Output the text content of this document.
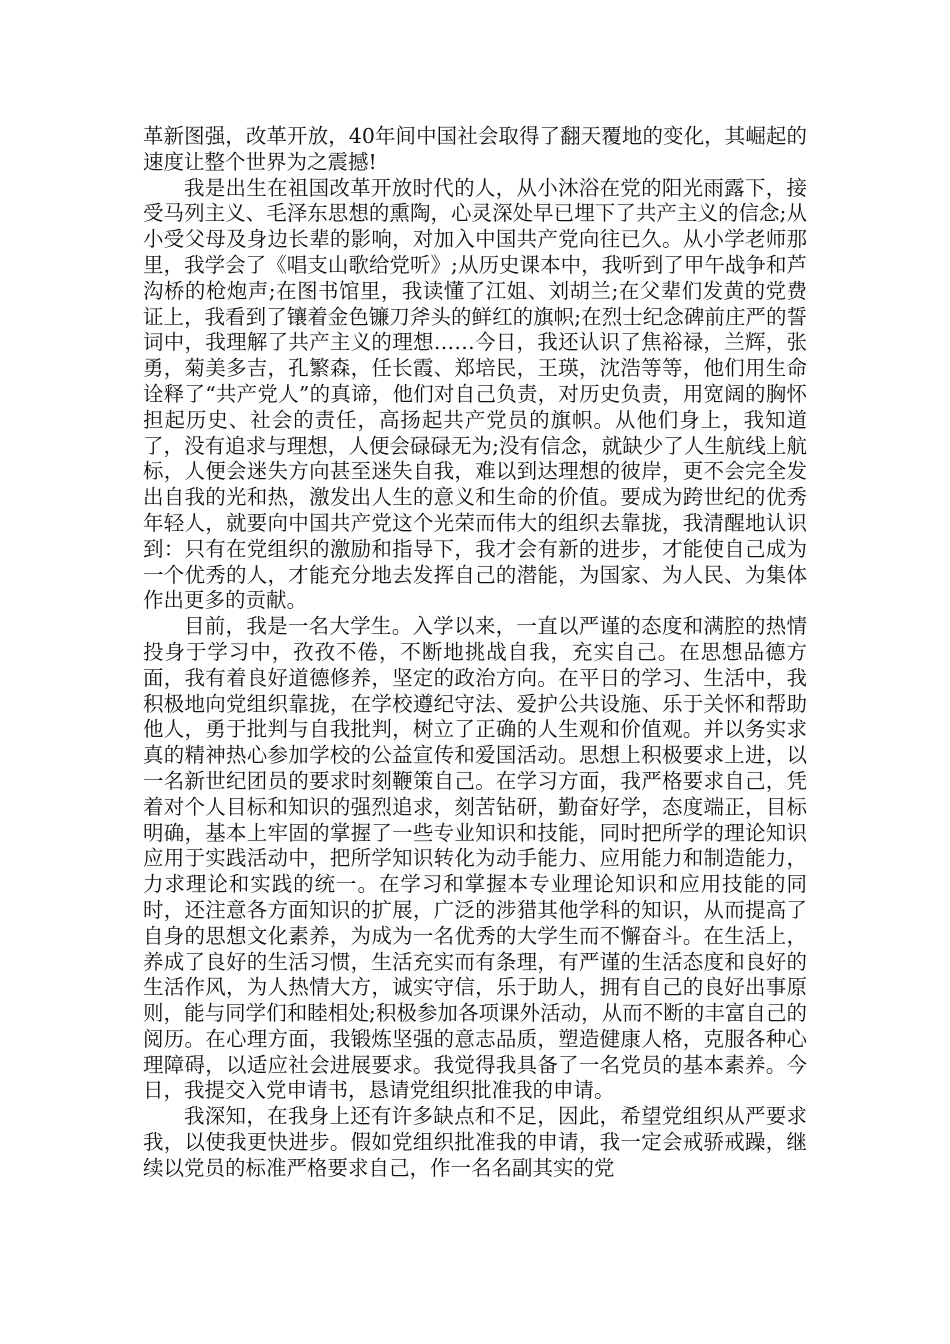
革新图强，改革开放，40年间中国社会取得了翻天覆地的变化，其崛起的速度让整个世界为之震撼!

我是出生在祖国改革开放时代的人，从小沐浴在党的阳光雨露下，接受马列主义、毛泽东思想的熏陶，心灵深处早已埋下了共产主义的信念;从小受父母及身边长辈的影响，对加入中国共产党向往已久。从小学老师那里，我学会了《唱支山歌给党听》;从历史课本中，我听到了甲午战争和芦沟桥的枪炮声;在图书馆里，我读懂了江姐、刘胡兰;在父辈们发黄的党费证上，我看到了镶着金色镰刀斧头的鲜红的旗帜;在烈士纪念碑前庄严的誓词中，我理解了共产主义的理想……今日，我还认识了焦裕禄，兰辉，张勇，菊美多吉，孔繁森，任长霞、郑培民，王瑛，沈浩等等，他们用生命诠释了“共产党人”的真谛，他们对自己负责，对历史负责，用宽阔的胸怀担起历史、社会的责任，高扬起共产党员的旗帜。从他们身上，我知道了，没有追求与理想，人便会碌碌无为;没有信念，就缺少了人生航线上航标，人便会迷失方向甚至迷失自我，难以到达理想的彼岸，更不会完全发出自我的光和热，激发出人生的意义和生命的价值。要成为跨世纪的优秀年轻人，就要向中国共产党这个光荣而伟大的组织去靠拢，我清醒地认识到：只有在党组织的激励和指导下，我才会有新的进步，才能使自己成为一个优秀的人，才能充分地去发挥自己的潜能，为国家、为人民、为集体作出更多的贡献。

目前，我是一名大学生。入学以来，一直以严谨的态度和满腔的热情投身于学习中，孜孜不倦，不断地挑战自我，充实自己。在思想品德方面，我有着良好道德修养，坚定的政治方向。在平日的学习、生活中，我积极地向党组织靠拢，在学校遵纪守法、爱护公共设施、乐于关怀和帮助他人，勇于批判与自我批判，树立了正确的人生观和价值观。并以务实求真的精神热心参加学校的公益宣传和爱国活动。思想上积极要求上进，以一名新世纪团员的要求时刻鞭策自己。在学习方面，我严格要求自己，凭着对个人目标和知识的强烈追求，刻苦钻研，勤奋好学，态度端正，目标明确，基本上牢固的掌握了一些专业知识和技能，同时把所学的理论知识应用于实践活动中，把所学知识转化为动手能力、应用能力和制造能力，力求理论和实践的统一。在学习和掌握本专业理论知识和应用技能的同时，还注意各方面知识的扩展，广泛的涉猎其他学科的知识，从而提高了自身的思想文化素养，为成为一名优秀的大学生而不懈奋斗。在生活上，养成了良好的生活习惯，生活充实而有条理，有严谨的生活态度和良好的生活作风，为人热情大方，诚实守信，乐于助人，拥有自己的良好出事原则，能与同学们和睦相处;积极参加各项课外活动，从而不断的丰富自己的阅历。在心理方面，我锻炼坚强的意志品质，塑造健康人格，克服各种心理障碍，以适应社会进展要求。我觉得我具备了一名党员的基本素养。今日，我提交入党申请书，恳请党组织批准我的申请。

我深知，在我身上还有许多缺点和不足，因此，希望党组织从严要求我，以使我更快进步。假如党组织批准我的申请，我一定会戒骄戒躁，继续以党员的标准严格要求自己，作一名名副其实的党
